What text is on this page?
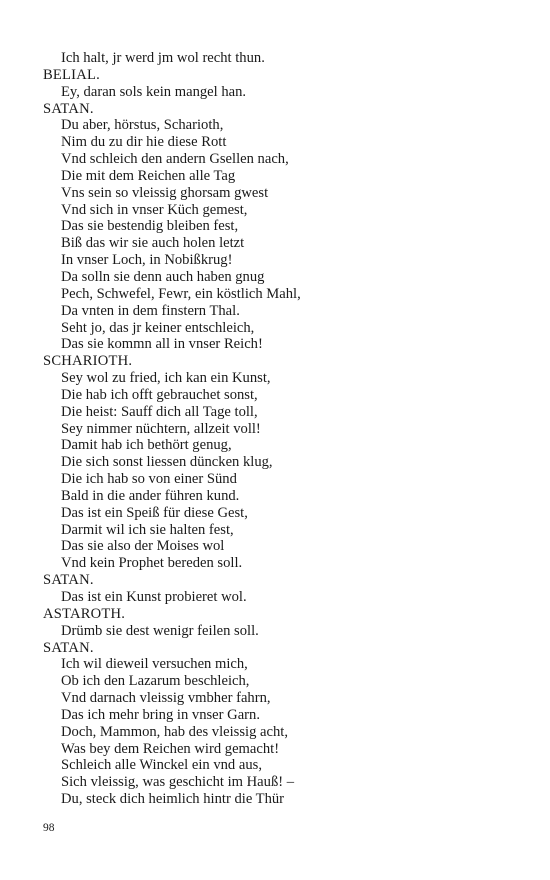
Ich halt, jr werd jm wol recht thun.
BELIAL.
Ey, daran sols kein mangel han.
SATAN.
Du aber, hörstus, Scharioth,
Nim du zu dir hie diese Rott
Vnd schleich den andern Gsellen nach,
Die mit dem Reichen alle Tag
Vns sein so vleissig ghorsam gwest
Vnd sich in vnser Küch gemest,
Das sie bestendig bleiben fest,
Biß das wir sie auch holen letzt
In vnser Loch, in Nobißkrug!
Da solln sie denn auch haben gnug
Pech, Schwefel, Fewr, ein köstlich Mahl,
Da vnten in dem finstern Thal.
Seht jo, das jr keiner entschleich,
Das sie kommn all in vnser Reich!
SCHARIOTH.
Sey wol zu fried, ich kan ein Kunst,
Die hab ich offt gebrauchet sonst,
Die heist: Sauff dich all Tage toll,
Sey nimmer nüchtern, allzeit voll!
Damit hab ich bethört genug,
Die sich sonst liessen düncken klug,
Die ich hab so von einer Sünd
Bald in die ander führen kund.
Das ist ein Speiß für diese Gest,
Darmit wil ich sie halten fest,
Das sie also der Moises wol
Vnd kein Prophet bereden soll.
SATAN.
Das ist ein Kunst probieret wol.
ASTAROTH.
Drümb sie dest wenigr feilen soll.
SATAN.
Ich wil dieweil versuchen mich,
Ob ich den Lazarum beschleich,
Vnd darnach vleissig vmbher fahrn,
Das ich mehr bring in vnser Garn.
Doch, Mammon, hab des vleissig acht,
Was bey dem Reichen wird gemacht!
Schleich alle Winckel ein vnd aus,
Sich vleissig, was geschicht im Hauß! –
Du, steck dich heimlich hintr die Thür
98
